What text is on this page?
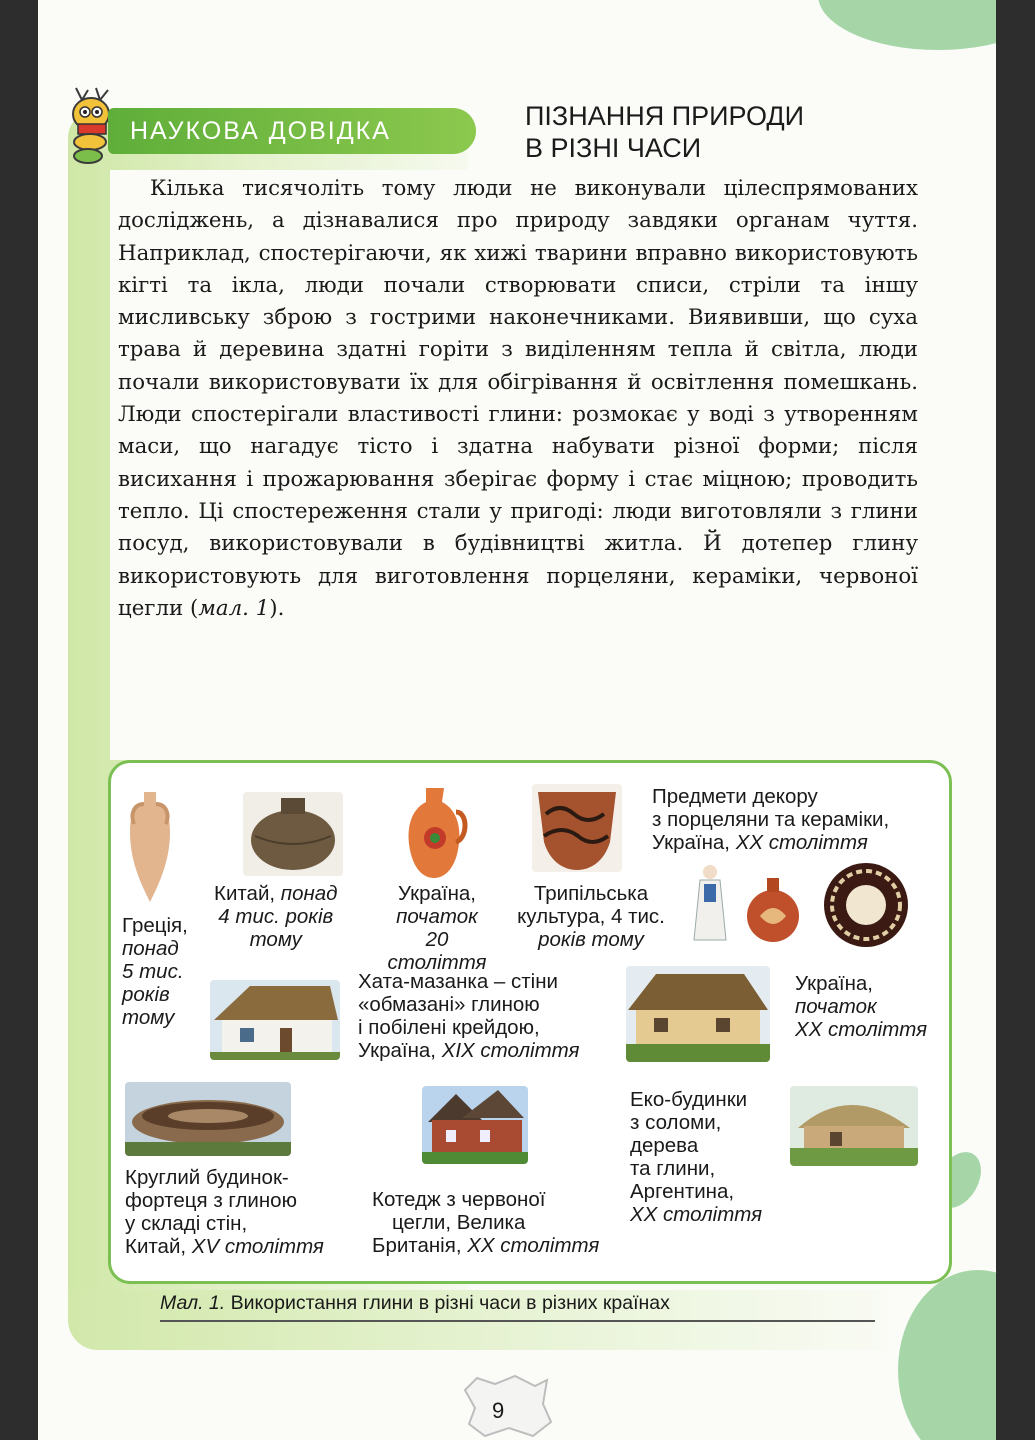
НАУКОВА ДОВІДКА	ПІЗНАННЯ ПРИРОДИ
В РІЗНІ ЧАСИ
Кілька тисячоліть тому люди не виконували цілеспрямованих досліджень, а дізнавалися про природу завдяки органам чуття. Наприклад, спостерігаючи, як хижі тварини вправно використовують кігті та ікла, люди почали створювати списи, стріли та іншу мисливську зброю з гострими наконечниками. Виявивши, що суха трава й деревина здатні горіти з виділенням тепла й світла, люди почали використовувати їх для обігрівання й освітлення помешкань. Люди спостерігали властивості глини: розмокає у воді з утворенням маси, що нагадує тісто і здатна набувати різної форми; після висихання і прожарювання зберігає форму і стає міцною; проводить тепло. Ці спостереження стали у пригоді: люди виготовляли з глини посуд, використовували в будівництві житла. Й дотепер глину використовують для виготовлення порцеляни, кераміки, червоної цегли (мал. 1).
Греція,
понад
5 тис.
років
тому
Китай, понад
4 тис. років
тому
Україна,
початок
20 століття
Трипільська
культура, 4 тис.
років тому
Предмети декору
з порцеляни та кераміки,
Україна, XX століття
Хата-мазанка – стіни
«обмазані» глиною
і побілені крейдою,
Україна, XIX століття
Україна,
початок
XX століття
Круглий будинок-
фортеця з глиною
у складі стін,
Китай, XV століття
Котедж з червоної
цегли, Велика
Британія, XX століття
Еко-будинки
з соломи,
дерева
та глини,
Аргентина,
XX століття
Мал. 1. Використання глини в різні часи в різних країнах
9
